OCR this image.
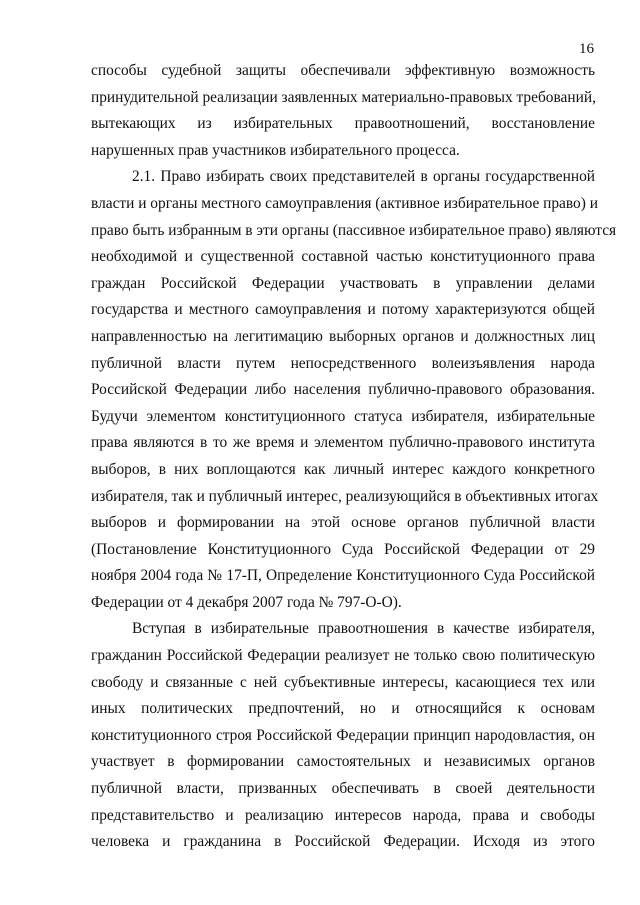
16
способы судебной защиты обеспечивали эффективную возможность
принудительной реализации заявленных материально-правовых требований,
вытекающих из избирательных правоотношений, восстановление
нарушенных прав участников избирательного процесса.
2.1. Право избирать своих представителей в органы государственной
власти и органы местного самоуправления (активное избирательное право) и
право быть избранным в эти органы (пассивное избирательное право) являются
необходимой и существенной составной частью конституционного права
граждан Российской Федерации участвовать в управлении делами
государства и местного самоуправления и потому характеризуются общей
направленностью на легитимацию выборных органов и должностных лиц
публичной власти путем непосредственного волеизъявления народа
Российской Федерации либо населения публично-правового образования.
Будучи элементом конституционного статуса избирателя, избирательные
права являются в то же время и элементом публично-правового института
выборов, в них воплощаются как личный интерес каждого конкретного
избирателя, так и публичный интерес, реализующийся в объективных итогах
выборов и формировании на этой основе органов публичной власти
(Постановление Конституционного Суда Российской Федерации от 29
ноября 2004 года № 17-П, Определение Конституционного Суда Российской
Федерации от 4 декабря 2007 года № 797-О-О).
Вступая в избирательные правоотношения в качестве избирателя,
гражданин Российской Федерации реализует не только свою политическую
свободу и связанные с ней субъективные интересы, касающиеся тех или
иных политических предпочтений, но и относящийся к основам
конституционного строя Российской Федерации принцип народовластия, он
участвует в формировании самостоятельных и независимых органов
публичной власти, призванных обеспечивать в своей деятельности
представительство и реализацию интересов народа, права и свободы
человека и гражданина в Российской Федерации. Исходя из этого
